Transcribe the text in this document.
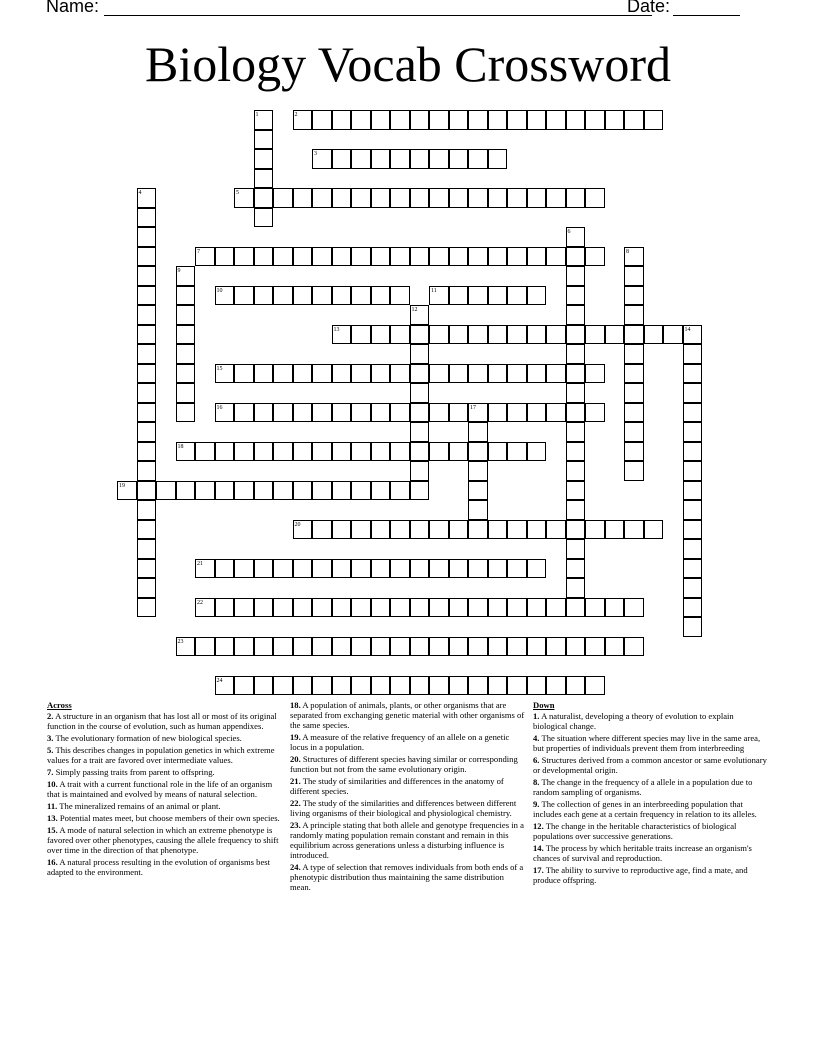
Name:	Date:
Biology Vocab Crossword
1	2
3
4	5
6
7	8
9
10	11
12
13	14
15
16	17
18
19
20
21
22
23
24
Across
2. A structure in an organism that has lost all or most of its original function in the course of evolution, such as human appendixes.
3. The evolutionary formation of new biological species.
5. This describes changes in population genetics in which extreme values for a trait are favored over intermediate values.
7. Simply passing traits from parent to offspring.
10. A trait with a current functional role in the life of an organism that is maintained and evolved by means of natural selection.
11. The mineralized remains of an animal or plant.
13. Potential mates meet, but choose members of their own species.
15. A mode of natural selection in which an extreme phenotype is favored over other phenotypes, causing the allele frequency to shift over time in the direction of that phenotype.
16. A natural process resulting in the evolution of organisms best adapted to the environment.
18. A population of animals, plants, or other organisms that are separated from exchanging genetic material with other organisms of the same species.
19. A measure of the relative frequency of an allele on a genetic locus in a population.
20. Structures of different species having similar or corresponding function but not from the same evolutionary origin.
21. The study of similarities and differences in the anatomy of different species.
22. The study of the similarities and differences between different living organisms of their biological and physiological chemistry.
23. A principle stating that both allele and genotype frequencies in a randomly mating population remain constant and remain in this equilibrium across generations unless a disturbing influence is introduced.
24. A type of selection that removes individuals from both ends of a phenotypic distribution thus maintaining the same distribution mean.
Down
1. A naturalist, developing a theory of evolution to explain biological change.
4. The situation where different species may live in the same area, but properties of individuals prevent them from interbreeding
6. Structures derived from a common ancestor or same evolutionary or developmental origin.
8. The change in the frequency of a allele in a population due to random sampling of organisms.
9. The collection of genes in an interbreeding population that includes each gene at a certain frequency in relation to its alleles.
12. The change in the heritable characteristics of biological populations over successive generations.
14. The process by which heritable traits increase an organism's chances of survival and reproduction.
17. The ability to survive to reproductive age, find a mate, and produce offspring.
